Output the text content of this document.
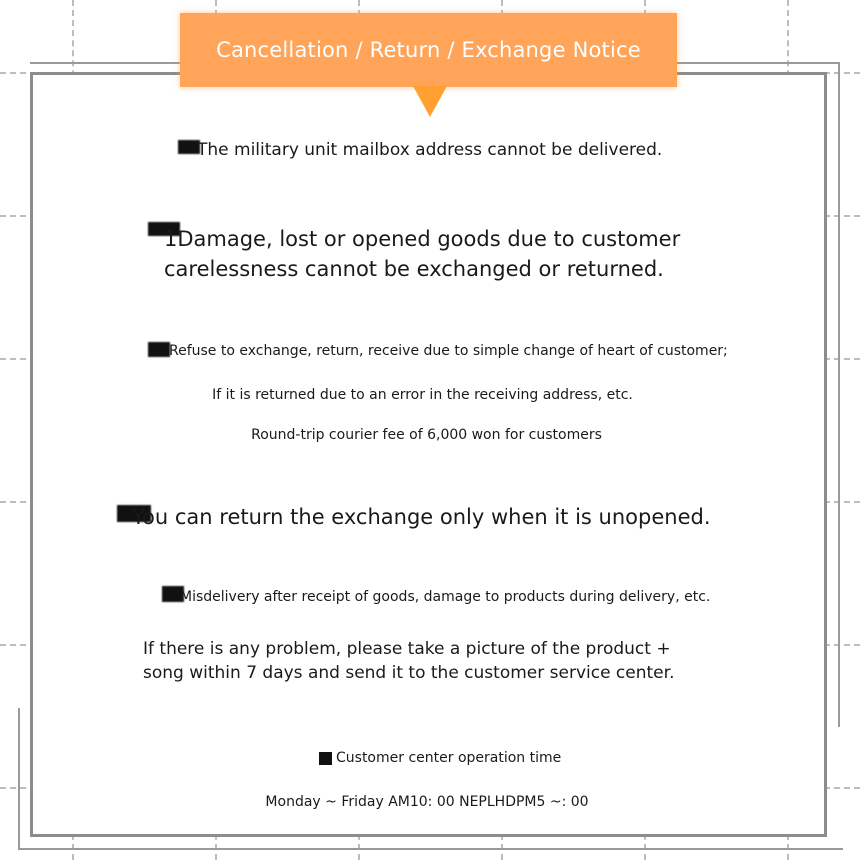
Cancellation / Return / Exchange Notice
The military unit mailbox address cannot be delivered.
1Damage, lost or opened goods due to customer
carelessness cannot be exchanged or returned.
Refuse to exchange, return, receive due to simple change of heart of customer;
If it is returned due to an error in the receiving address, etc.
Round-trip courier fee of 6,000 won for customers
You can return the exchange only when it is unopened.
Misdelivery after receipt of goods, damage to products during delivery, etc.
If there is any problem, please take a picture of the product +
song within 7 days and send it to the customer service center.
Customer center operation time
Monday ~ Friday AM10: 00 NEPLHDPM5 ~: 00
